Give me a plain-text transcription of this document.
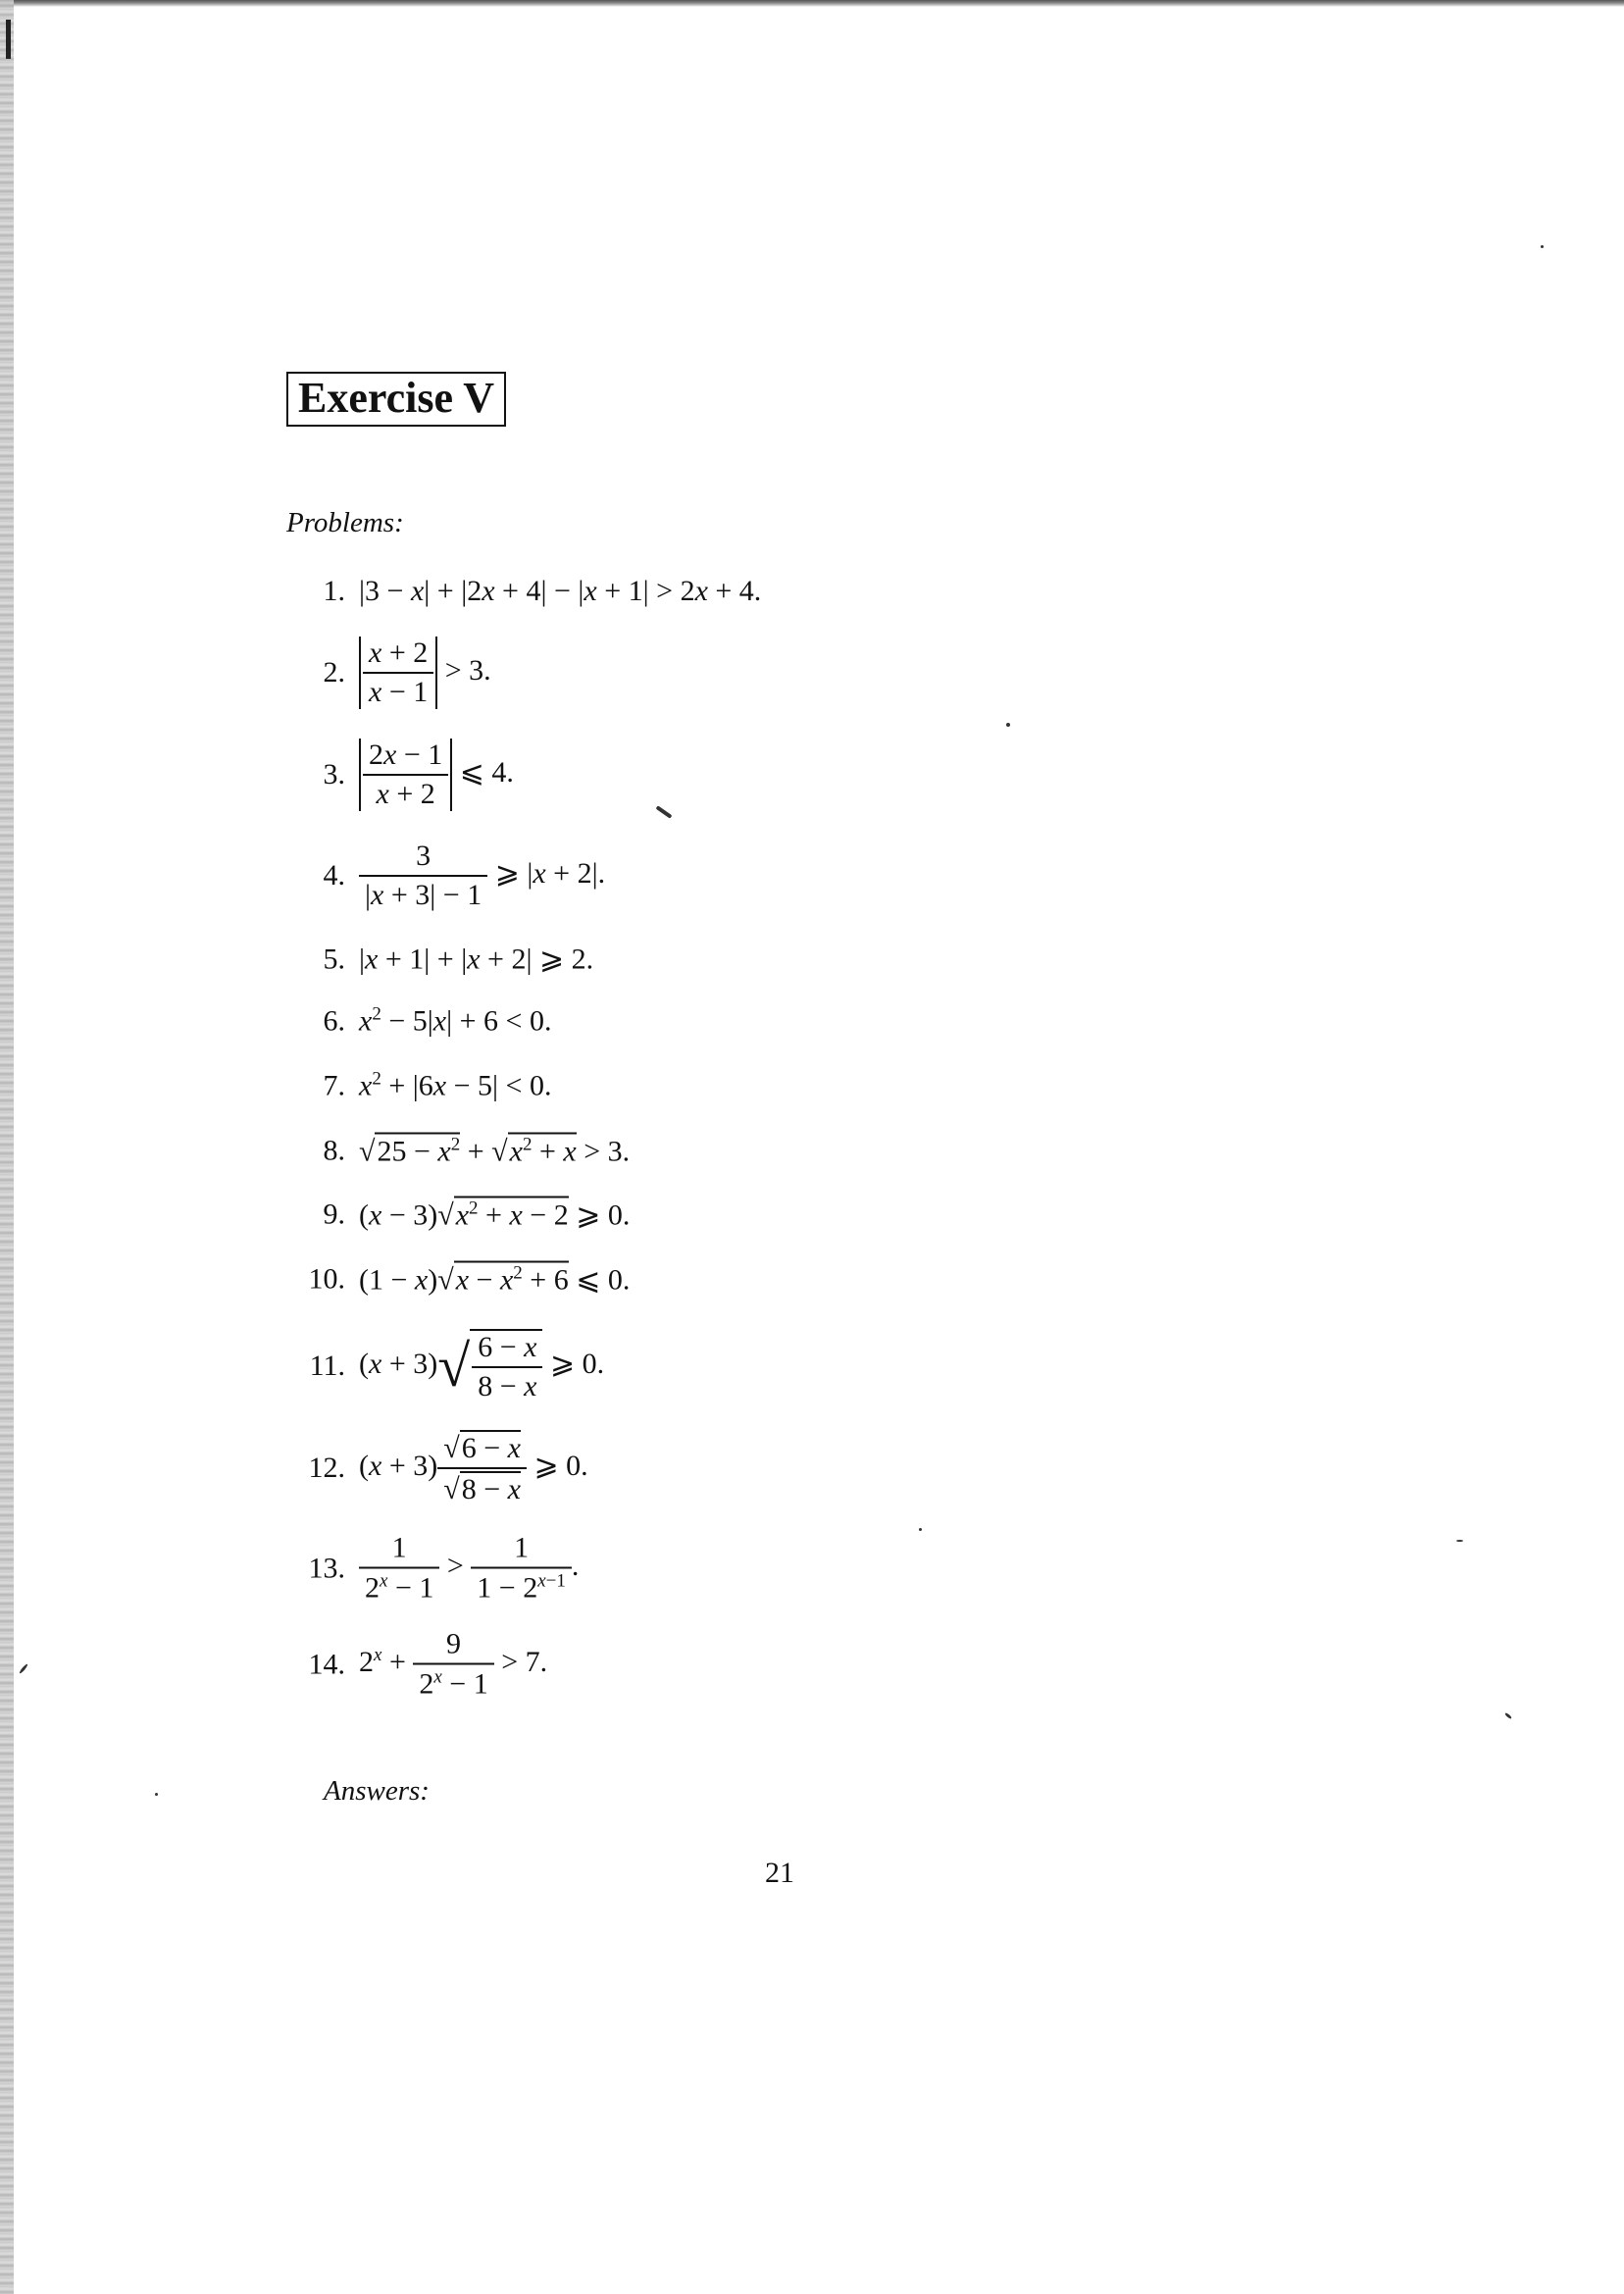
Exercise V
Problems:
1. |3 − x| + |2x + 4| − |x + 1| > 2x + 4.
2. $\frac{x + 2}{x - 1} > 3$.
3. $\frac{2x - 1}{x + 2}$ ⩽ 4.
4. $\frac{3}{|x + 3| - 1}$ ⩾ |x + 2|.
5. |x + 1| + |x + 2| ⩾ 2.
6. $x^2 - 5|x| + 6 < 0$.
7. $x^2 + |6x - 5| < 0$.
8. $√25 - x^2 + √x^2 + x > 3$.
9. $(x - 3)√x^2 + x - 2$ ⩾ 0.
10. $(1 - x)√x - x^2 + 6$ ⩽ 0.
11. $(x + 3)√ \frac{6 - x}{8 - x}$ ⩾ 0.
12. $(x + 3) \frac{√6 - x}{√8 - x}$ ⩾ 0.
13. $\frac{1}{2^x - 1} > \frac{1}{1 - 2^{x-1}}$ .
14. $2^x + \frac{9}{2^x - 1} > 7$.
Answers:
21
